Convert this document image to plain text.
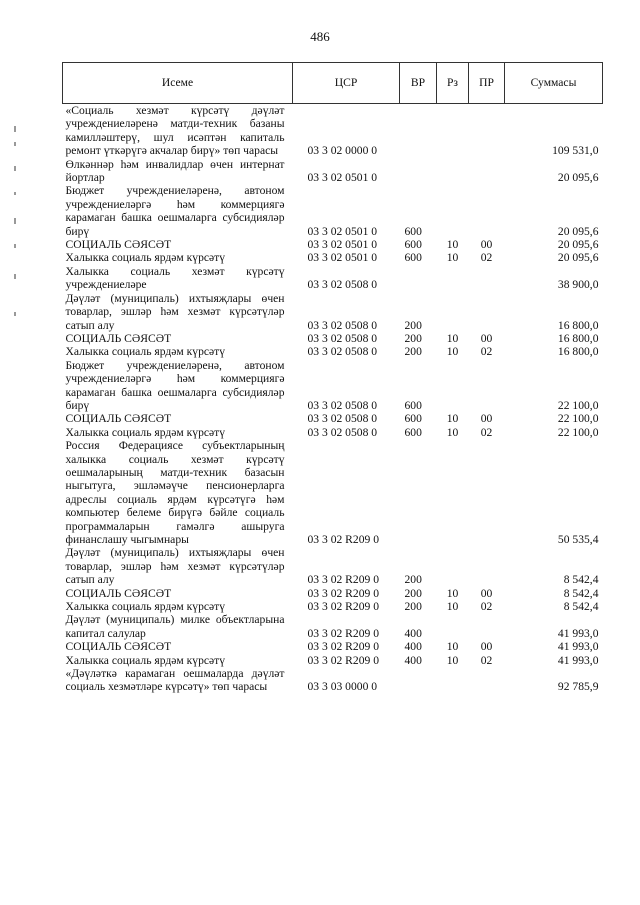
486
Исеме	ЦСР	ВР	Рз	ПР	Суммасы
«Социаль хезмәт күрсәтү дәүләт учреждениеләренә матди-техник базаны камилләштерү, шул исәптән капиталь ремонт үткәрүгә акчалар бирү» төп чарасы	03 3 02 0000 0				109 531,0
Өлкәннәр һәм инвалидлар өчен интернат йортлар	03 3 02 0501 0				20 095,6
Бюджет учреждениеләренә, автоном учреждениеләргә һәм коммерциягә карамаган башка оешмаларга субсидияләр бирү	03 3 02 0501 0	600			20 095,6
СОЦИАЛЬ СӘЯСӘТ	03 3 02 0501 0	600	10	00	20 095,6
Халыкка социаль ярдәм күрсәтү	03 3 02 0501 0	600	10	02	20 095,6
Халыкка социаль хезмәт күрсәтү учреждениеләре	03 3 02 0508 0				38 900,0
Дәүләт (муниципаль) ихтыяҗлары өчен товарлар, эшләр һәм хезмәт күрсәтүләр сатып алу	03 3 02 0508 0	200			16 800,0
СОЦИАЛЬ СӘЯСӘТ	03 3 02 0508 0	200	10	00	16 800,0
Халыкка социаль ярдәм күрсәтү	03 3 02 0508 0	200	10	02	16 800,0
Бюджет учреждениеләренә, автоном учреждениеләргә һәм коммерциягә карамаган башка оешмаларга субсидияләр бирү	03 3 02 0508 0	600			22 100,0
СОЦИАЛЬ СӘЯСӘТ	03 3 02 0508 0	600	10	00	22 100,0
Халыкка социаль ярдәм күрсәтү	03 3 02 0508 0	600	10	02	22 100,0
Россия Федерациясе субъектларының халыкка социаль хезмәт күрсәтү оешмаларының матди-техник базасын ныгытуга, эшләмәүче пенсионерларга адреслы социаль ярдәм күрсәтүгә һәм компьютер белеме бирүгә бәйле социаль программаларын гамәлгә ашыруга финанслашу чыгымнары	03 3 02 R209 0				50 535,4
Дәүләт (муниципаль) ихтыяҗлары өчен товарлар, эшләр һәм хезмәт күрсәтүләр сатып алу	03 3 02 R209 0	200			8 542,4
СОЦИАЛЬ СӘЯСӘТ	03 3 02 R209 0	200	10	00	8 542,4
Халыкка социаль ярдәм күрсәтү	03 3 02 R209 0	200	10	02	8 542,4
Дәүләт (муниципаль) милке объектларына капитал салулар	03 3 02 R209 0	400			41 993,0
СОЦИАЛЬ СӘЯСӘТ	03 3 02 R209 0	400	10	00	41 993,0
Халыкка социаль ярдәм күрсәтү	03 3 02 R209 0	400	10	02	41 993,0
«Дәүләткә карамаган оешмаларда дәүләт социаль хезмәтләре күрсәтү» төп чарасы	03 3 03 0000 0				92 785,9
